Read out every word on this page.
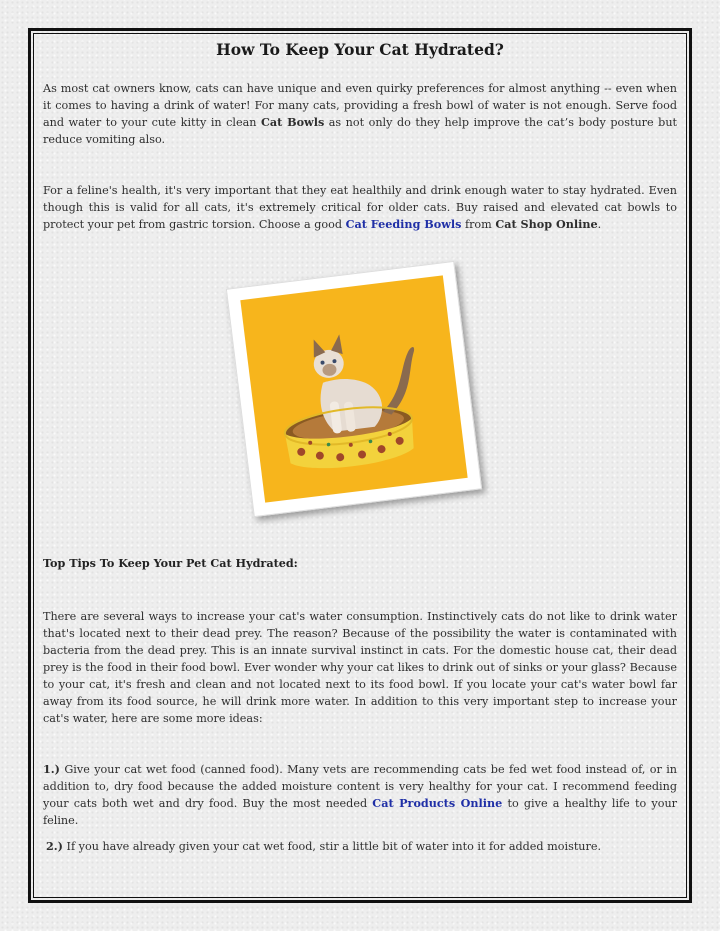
How To Keep Your Cat Hydrated?

As most cat owners know, cats can have unique and even quirky preferences for almost anything -- even when it comes to having a drink of water! For many cats, providing a fresh bowl of water is not enough. Serve food and water to your cute kitty in clean Cat Bowls as not only do they help improve the cat’s body posture but reduce vomiting also.

For a feline's health, it's very important that they eat healthily and drink enough water to stay hydrated. Even though this is valid for all cats, it's extremely critical for older cats. Buy raised and elevated cat bowls to protect your pet from gastric torsion. Choose a good Cat Feeding Bowls from Cat Shop Online.

Top Tips To Keep Your Pet Cat Hydrated:

There are several ways to increase your cat's water consumption. Instinctively cats do not like to drink water that's located next to their dead prey. The reason? Because of the possibility the water is contaminated with bacteria from the dead prey. This is an innate survival instinct in cats. For the domestic house cat, their dead prey is the food in their food bowl. Ever wonder why your cat likes to drink out of sinks or your glass? Because to your cat, it's fresh and clean and not located next to its food bowl. If you locate your cat's water bowl far away from its food source, he will drink more water. In addition to this very important step to increase your cat's water, here are some more ideas:

1.) Give your cat wet food (canned food). Many vets are recommending cats be fed wet food instead of, or in addition to, dry food because the added moisture content is very healthy for your cat. I recommend feeding your cats both wet and dry food. Buy the most needed Cat Products Online to give a healthy life to your feline.

2.) If you have already given your cat wet food, stir a little bit of water into it for added moisture.
